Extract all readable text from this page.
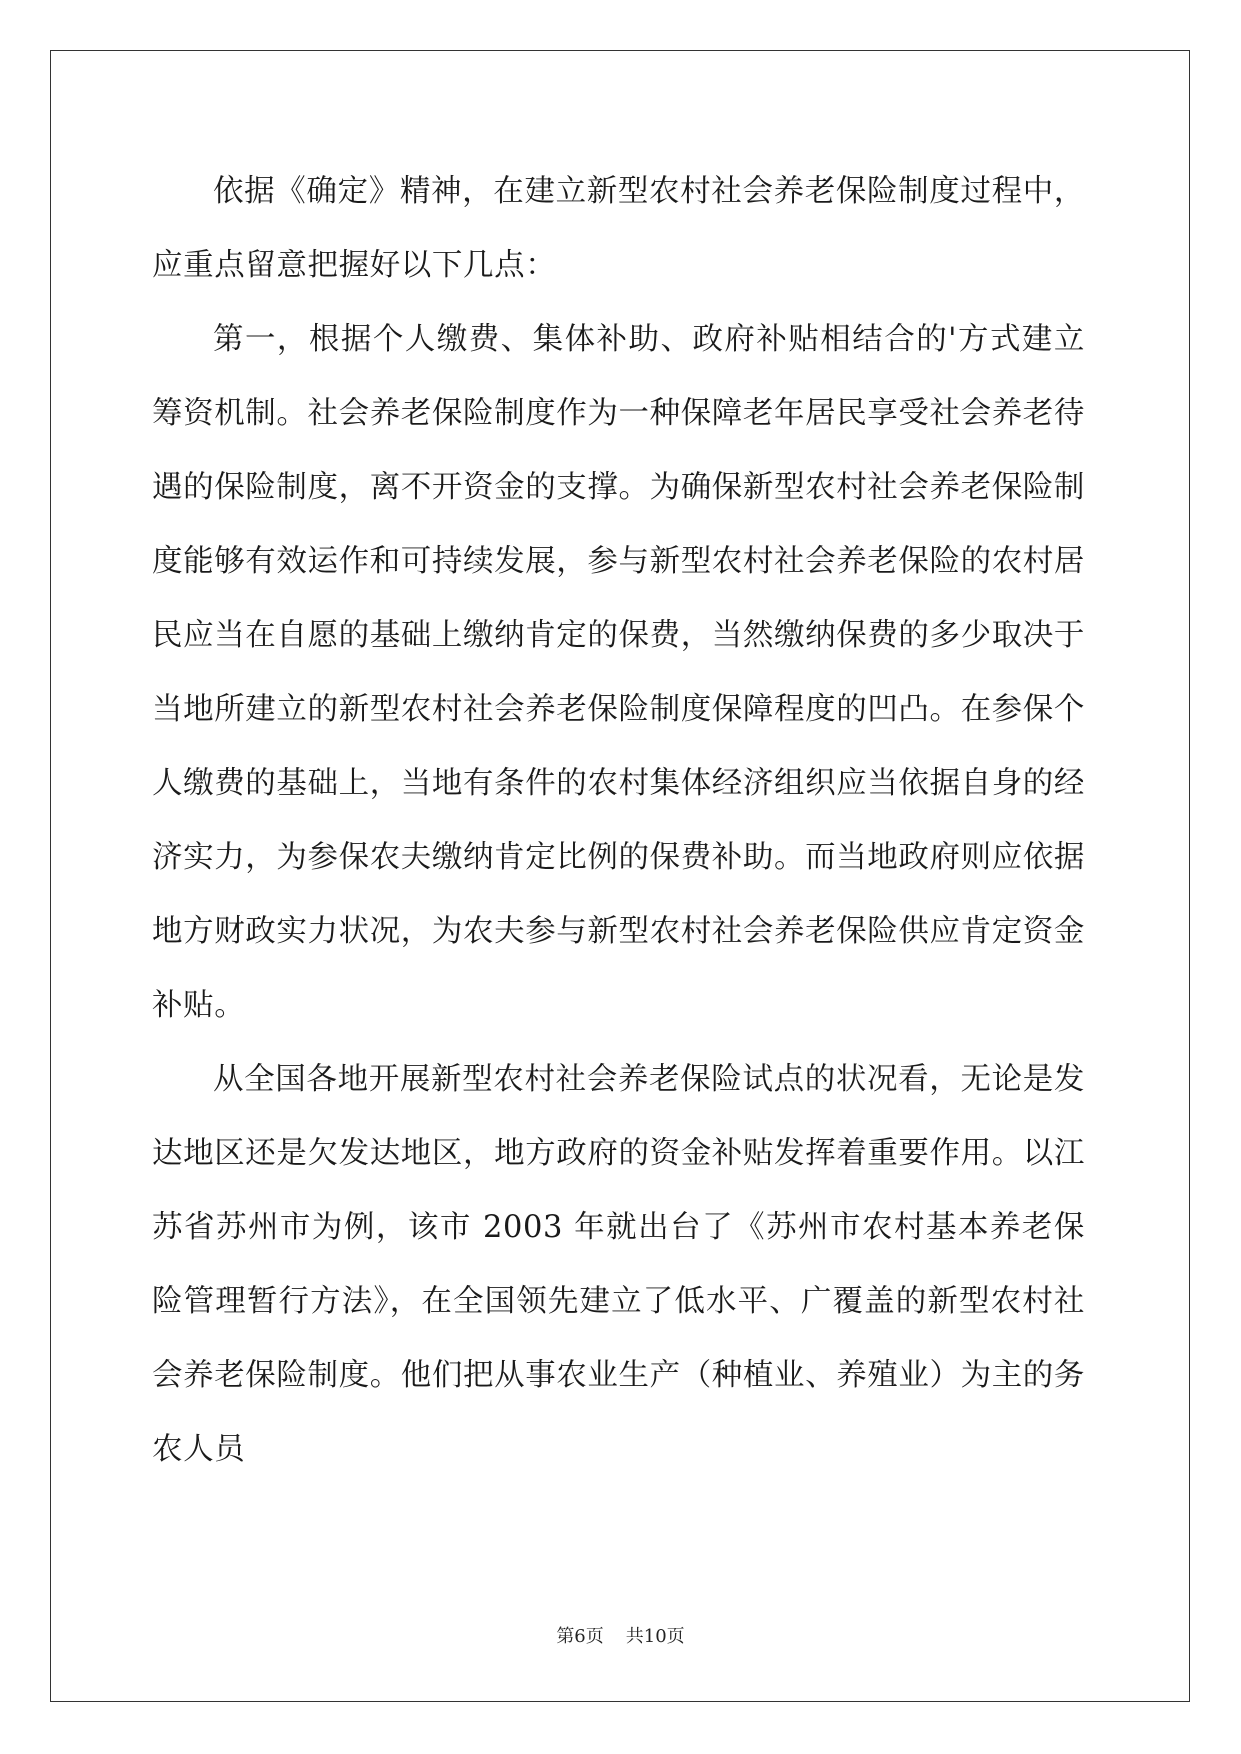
依据《确定》精神，在建立新型农村社会养老保险制度过程中，应重点留意把握好以下几点：

第一，根据个人缴费、集体补助、政府补贴相结合的'方式建立筹资机制。社会养老保险制度作为一种保障老年居民享受社会养老待遇的保险制度，离不开资金的支撑。为确保新型农村社会养老保险制度能够有效运作和可持续发展，参与新型农村社会养老保险的农村居民应当在自愿的基础上缴纳肯定的保费，当然缴纳保费的多少取决于当地所建立的新型农村社会养老保险制度保障程度的凹凸。在参保个人缴费的基础上，当地有条件的农村集体经济组织应当依据自身的经济实力，为参保农夫缴纳肯定比例的保费补助。而当地政府则应依据地方财政实力状况，为农夫参与新型农村社会养老保险供应肯定资金补贴。

从全国各地开展新型农村社会养老保险试点的状况看，无论是发达地区还是欠发达地区，地方政府的资金补贴发挥着重要作用。以江苏省苏州市为例，该市 2003 年就出台了《苏州市农村基本养老保险管理暂行方法》，在全国领先建立了低水平、广覆盖的新型农村社会养老保险制度。他们把从事农业生产（种植业、养殖业）为主的务农人员

第6页 共10页
